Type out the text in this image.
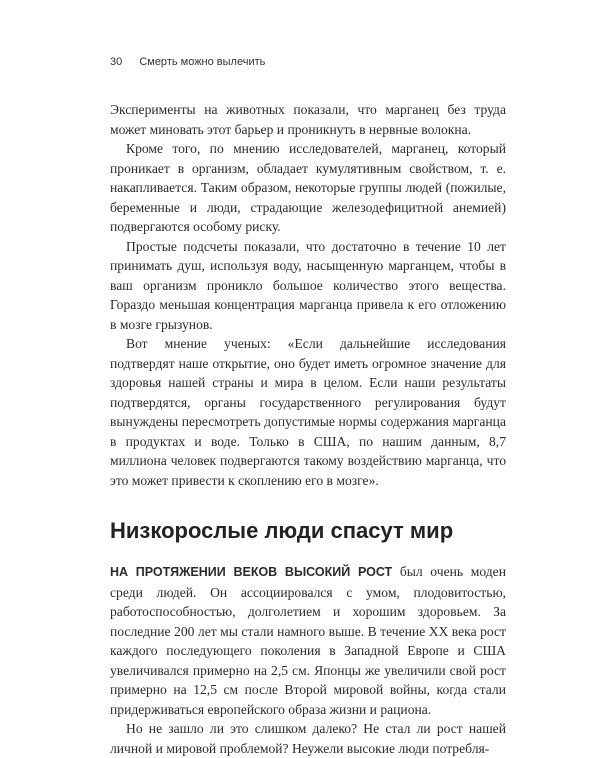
30 Смерть можно вылечить

Эксперименты на животных показали, что марганец без труда может миновать этот барьер и проникнуть в нервные волокна.

Кроме того, по мнению исследователей, марганец, который проникает в организм, обладает кумулятивным свойством, т. е. накапливается. Таким образом, некоторые группы людей (пожилые, беременные и люди, страдающие железодефицитной анемией) подвергаются особому риску.

Простые подсчеты показали, что достаточно в течение 10 лет принимать душ, используя воду, насыщенную марганцем, чтобы в ваш организм проникло большое количество этого вещества. Гораздо меньшая концентрация марганца привела к его отложению в мозге грызунов.

Вот мнение ученых: «Если дальнейшие исследования подтвердят наше открытие, оно будет иметь огромное значение для здоровья нашей страны и мира в целом. Если наши результаты подтвердятся, органы государственного регулирования будут вынуждены пересмотреть допустимые нормы содержания марганца в продуктах и воде. Только в США, по нашим данным, 8,7 миллиона человек подвергаются такому воздействию марганца, что это может привести к скоплению его в мозге».

Низкорослые люди спасут мир

НА ПРОТЯЖЕНИИ ВЕКОВ ВЫСОКИЙ РОСТ был очень моден среди людей. Он ассоциировался с умом, плодовитостью, работоспособностью, долголетием и хорошим здоровьем. За последние 200 лет мы стали намного выше. В течение XX века рост каждого последующего поколения в Западной Европе и США увеличивался примерно на 2,5 см. Японцы же увеличили свой рост примерно на 12,5 см после Второй мировой войны, когда стали придерживаться европейского образа жизни и рациона.

Но не зашло ли это слишком далеко? Не стал ли рост нашей личной и мировой проблемой? Неужели высокие люди потребля-
